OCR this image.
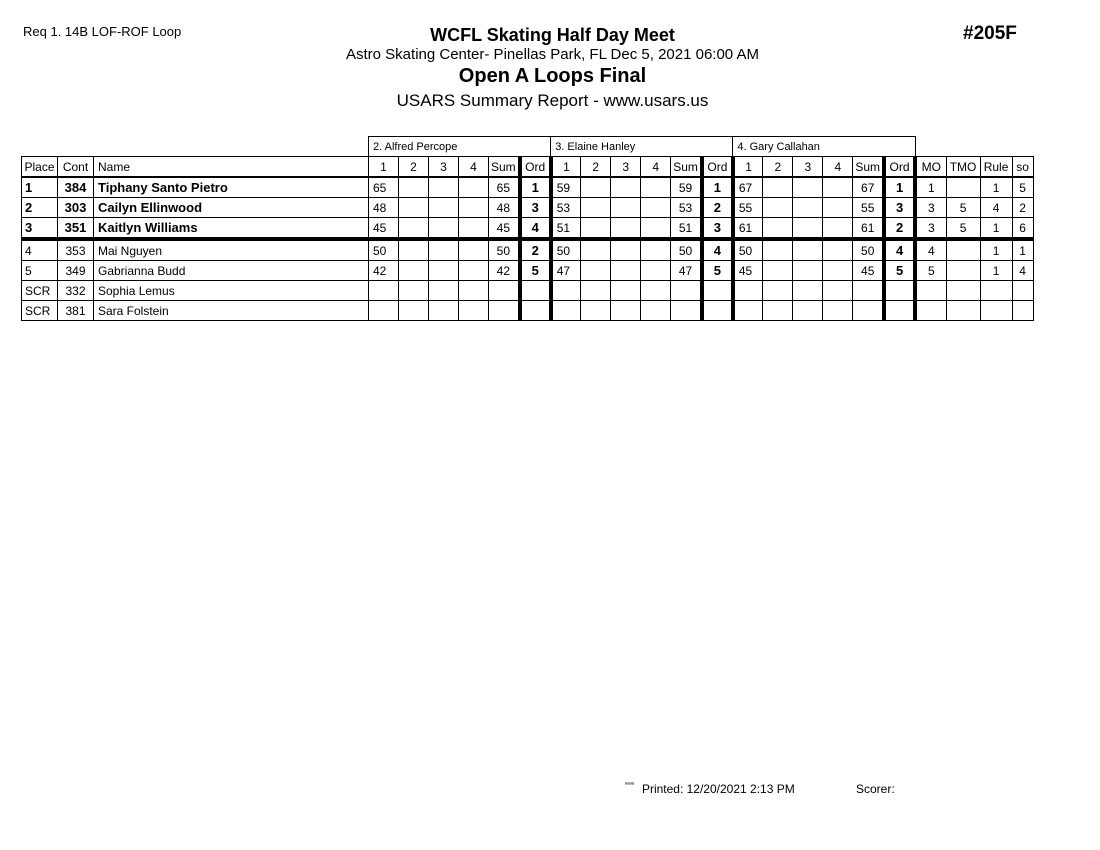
Req 1. 14B LOF-ROF Loop	#205F
WCFL Skating Half Day Meet
Astro Skating Center- Pinellas Park, FL Dec 5, 2021 06:00 AM
Open A Loops Final
USARS Summary Report - www.usars.us
			2. Alfred Percope						3. Elaine Hanley						4. Gary Callahan									
Place	Cont	Name	1	2	3	4	Sum	Ord	1	2	3	4	Sum	Ord	1	2	3	4	Sum	Ord	MO	TMO	Rule	so
1	384	Tiphany Santo Pietro	65				65	1	59				59	1	67				67	1	1		1	5
2	303	Cailyn Ellinwood	48				48	3	53				53	2	55				55	3	3	5	4	2
3	351	Kaitlyn Williams	45				45	4	51				51	3	61				61	2	3	5	1	6
4	353	Mai Nguyen	50				50	2	50				50	4	50				50	4	4		1	1
5	349	Gabrianna Budd	42				42	5	47				47	5	45				45	5	5		1	4
SCR	332	Sophia Lemus																						
SCR	381	Sara Folstein																						
$^{ᵃᵃᵃᵃ}$ Printed: 12/20/2021 2:13 PM	Scorer:
